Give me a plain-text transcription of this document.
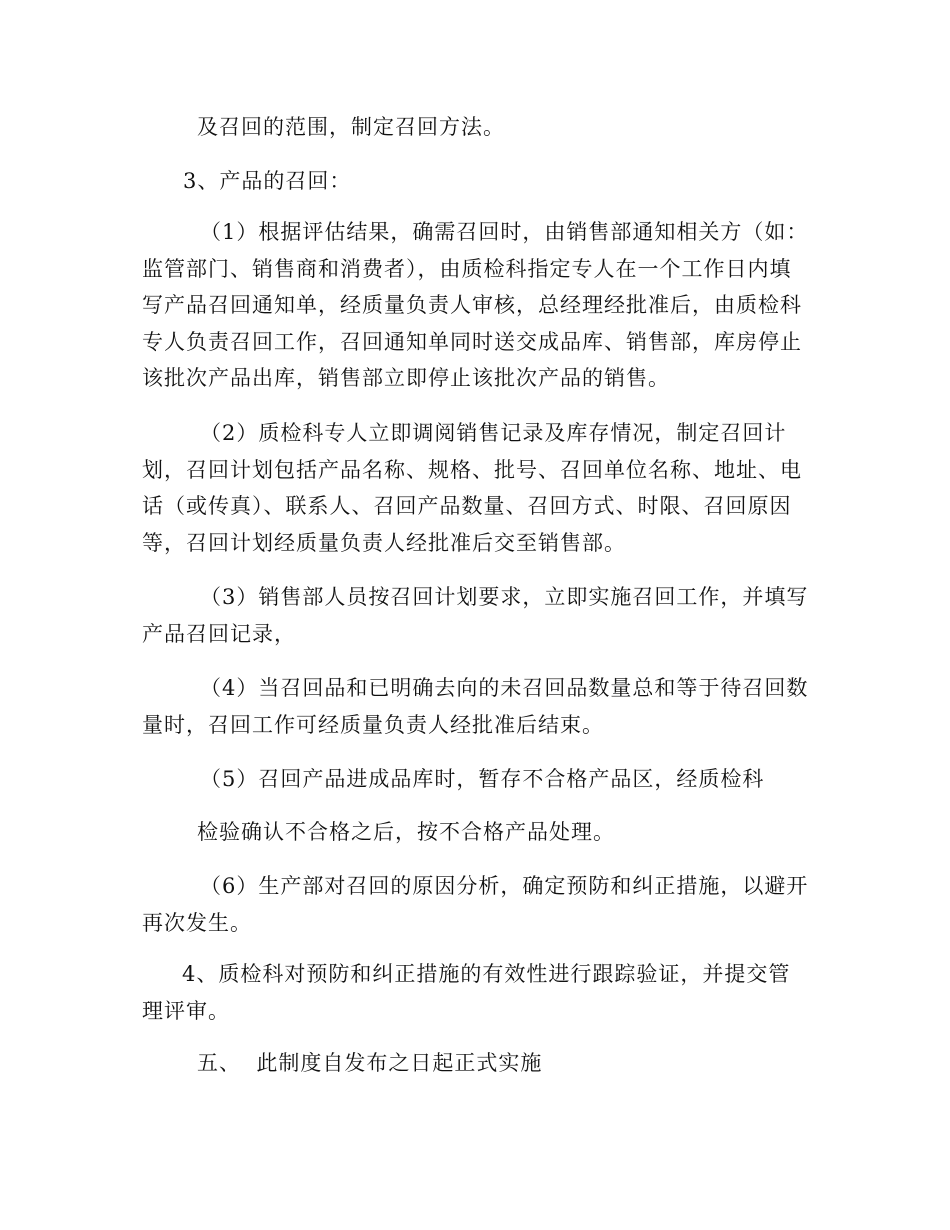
及召回的范围，制定召回方法。

3、产品的召回：

（1）根据评估结果，确需召回时，由销售部通知相关方（如：监管部门、销售商和消费者），由质检科指定专人在一个工作日内填写产品召回通知单，经质量负责人审核，总经理经批准后，由质检科专人负责召回工作，召回通知单同时送交成品库、销售部，库房停止该批次产品出库，销售部立即停止该批次产品的销售。

（2）质检科专人立即调阅销售记录及库存情况，制定召回计划，召回计划包括产品名称、规格、批号、召回单位名称、地址、电话（或传真）、联系人、召回产品数量、召回方式、时限、召回原因等，召回计划经质量负责人经批准后交至销售部。

（3）销售部人员按召回计划要求，立即实施召回工作，并填写产品召回记录，

（4）当召回品和已明确去向的未召回品数量总和等于待召回数量时，召回工作可经质量负责人经批准后结束。

（5）召回产品进成品库时，暂存不合格产品区，经质检科

检验确认不合格之后，按不合格产品处理。

（6）生产部对召回的原因分析，确定预防和纠正措施，以避开再次发生。

4、质检科对预防和纠正措施的有效性进行跟踪验证，并提交管理评审。

五、  此制度自发布之日起正式实施
